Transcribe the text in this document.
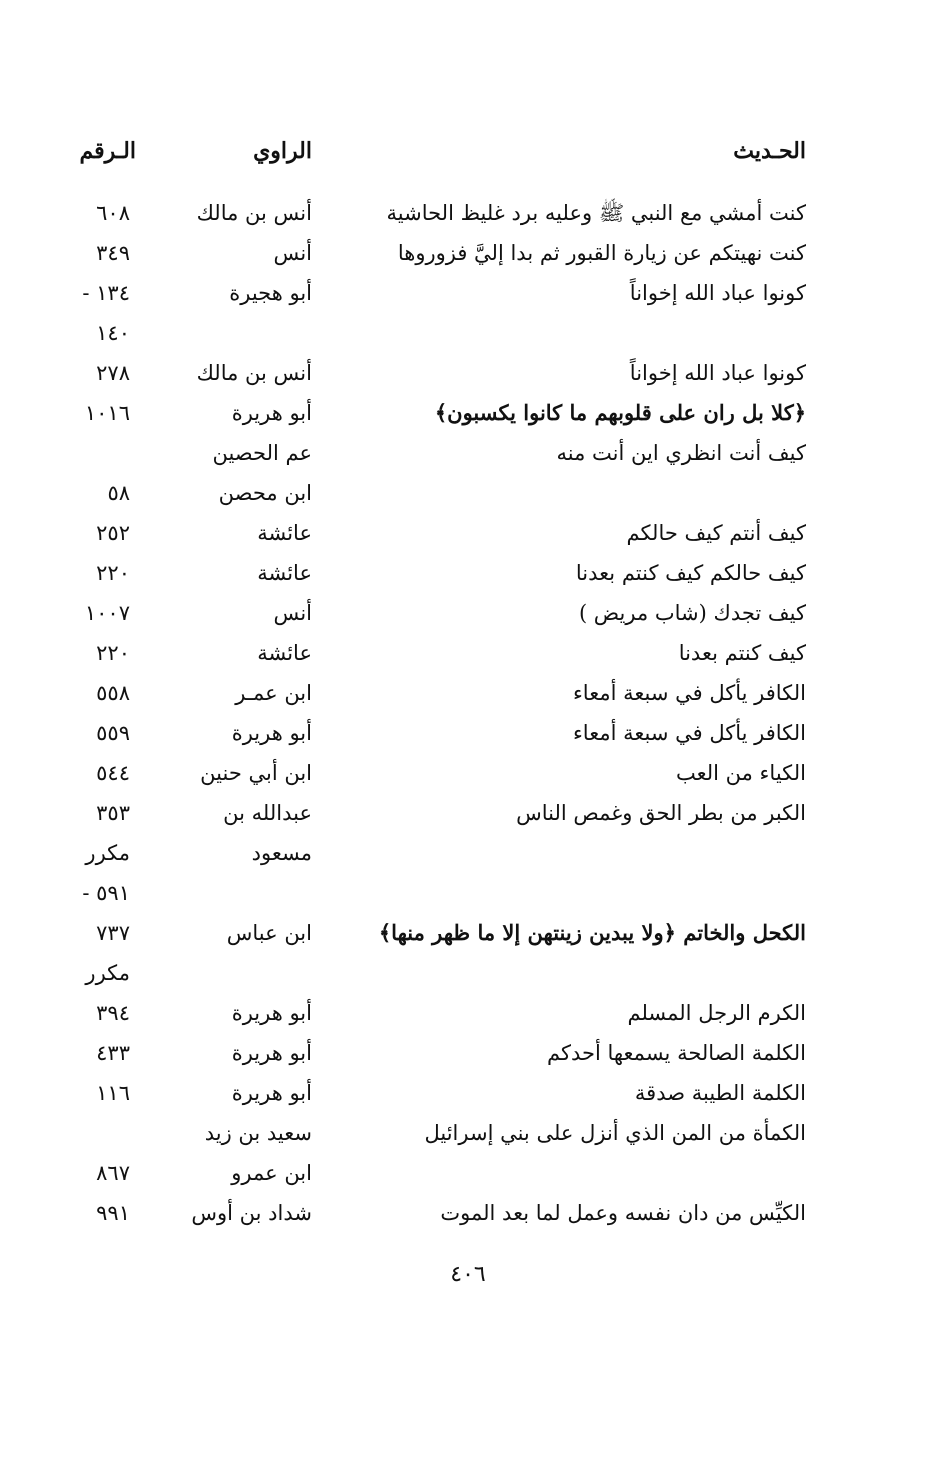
الحـديث
الراوي
الـرقم
كنت أمشي مع النبي ﷺ وعليه برد غليظ الحاشية
أنس بن مالك
٦٠٨
كنت نهيتكم عن زيارة القبور ثم بدا إليَّ فزوروها
أنس
٣٤٩
كونوا عباد الله إخواناً
أبو هجيرة
١٣٤ -
١٤٠
كونوا عباد الله إخواناً
أنس بن مالك
٢٧٨
﴿كلا بل ران على قلوبهم ما كانوا يكسبون﴾
أبو هريرة
١٠١٦
كيف أنت انظري اين أنت منه
عم الحصين
ابن محصن
٥٨
كيف أنتم كيف حالكم
عائشة
٢٥٢
كيف حالكم كيف كنتم بعدنا
عائشة
٢٢٠
كيف تجدك (شاب مريض )
أنس
١٠٠٧
كيف كنتم بعدنا
عائشة
٢٢٠
الكافر يأكل في سبعة أمعاء
ابن عمـر
٥٥٨
الكافر يأكل في سبعة أمعاء
أبو هريرة
٥٥٩
الكياء من العب
ابن أبي حنين
٥٤٤
الكبر من بطر الحق وغمص الناس
عبدالله بن
٣٥٣
مسعود
مكرر
٥٩١ -
الكحل والخاتم ﴿ولا يبدين زينتهن إلا ما ظهر منها﴾
ابن عباس
٧٣٧
مكرر
الكرم الرجل المسلم
أبو هريرة
٣٩٤
الكلمة الصالحة يسمعها أحدكم
أبو هريرة
٤٣٣
الكلمة الطيبة صدقة
أبو هريرة
١١٦
الكمأة من المن الذي أنزل على بني إسرائيل
سعيد بن زيد
ابن عمرو
٨٦٧
الكيِّس من دان نفسه وعمل لما بعد الموت
شداد بن أوس
٩٩١
٤٠٦
